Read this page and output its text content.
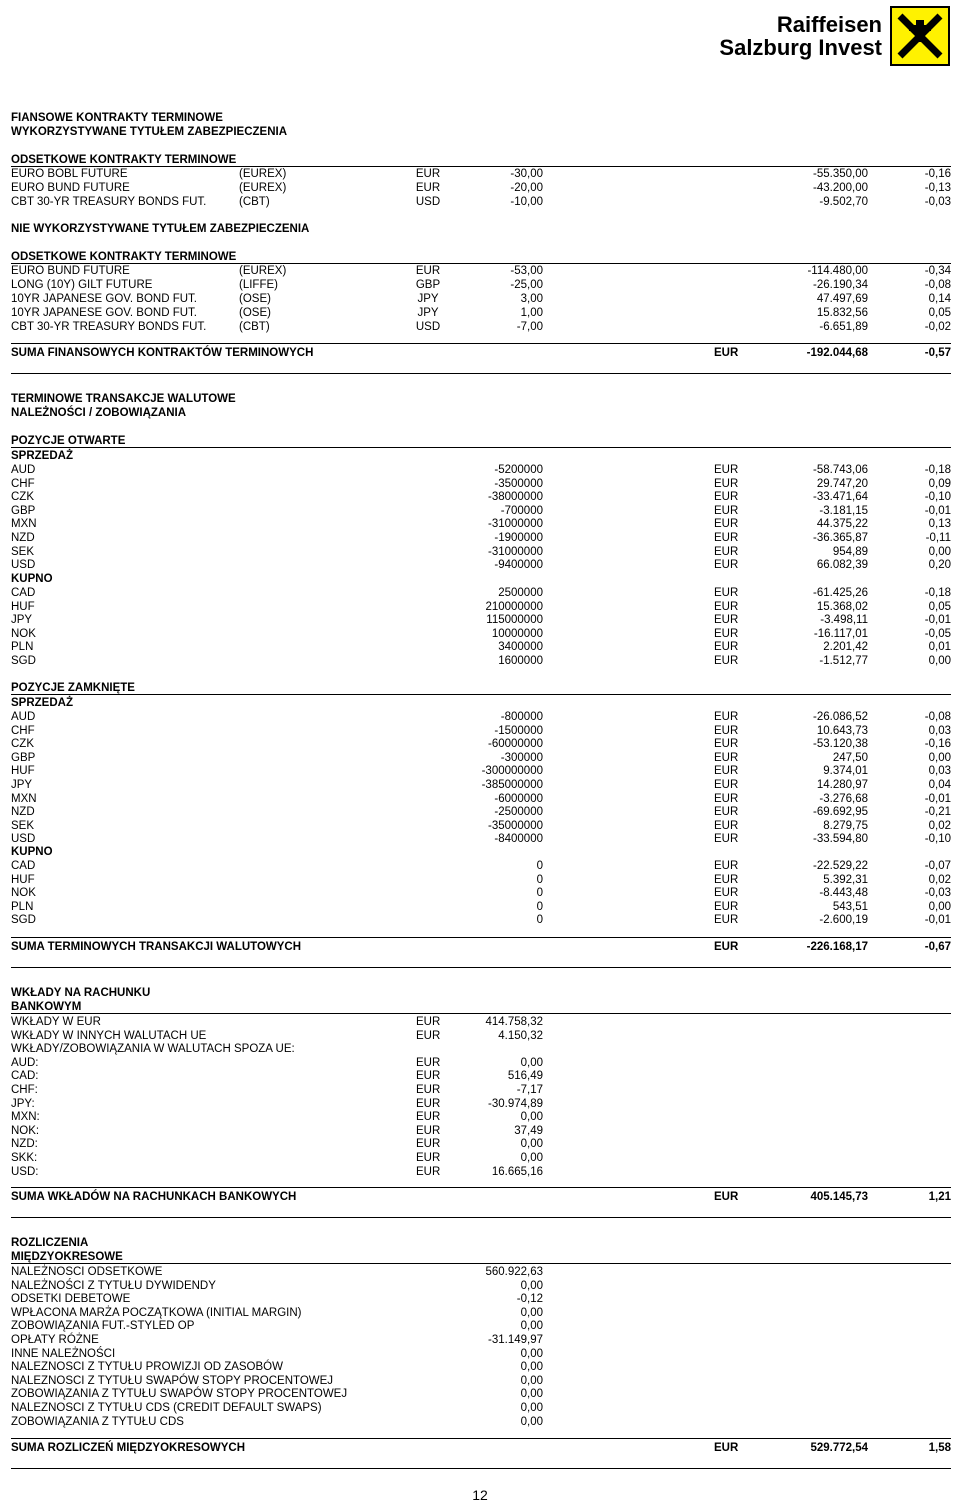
Raiffeisen
Salzburg Invest
FIANSOWE KONTRAKTY TERMINOWE
WYKORZYSTYWANE TYTUŁEM ZABEZPIECZENIA
ODSETKOWE KONTRAKTY TERMINOWE
EURO BOBL FUTURE	(EUREX)	EUR	-30,00	-55.350,00	-0,16
EURO BUND FUTURE	(EUREX)	EUR	-20,00	-43.200,00	-0,13
CBT 30-YR TREASURY BONDS FUT.	(CBT)	USD	-10,00	-9.502,70	-0,03
NIE WYKORZYSTYWANE TYTUŁEM ZABEZPIECZENIA
ODSETKOWE KONTRAKTY TERMINOWE
EURO BUND FUTURE	(EUREX)	EUR	-53,00	-114.480,00	-0,34
LONG (10Y) GILT FUTURE	(LIFFE)	GBP	-25,00	-26.190,34	-0,08
10YR JAPANESE GOV. BOND FUT.	(OSE)	JPY	3,00	47.497,69	0,14
10YR JAPANESE GOV. BOND FUT.	(OSE)	JPY	1,00	15.832,56	0,05
CBT 30-YR TREASURY BONDS FUT.	(CBT)	USD	-7,00	-6.651,89	-0,02
SUMA FINANSOWYCH KONTRAKTÓW TERMINOWYCH	EUR	-192.044,68	-0,57
TERMINOWE TRANSAKCJE WALUTOWE
NALEŻNOŚCI / ZOBOWIĄZANIA
POZYCJE OTWARTE
SPRZEDAŻ
AUD	-5200000	EUR	-58.743,06	-0,18
CHF	-3500000	EUR	29.747,20	0,09
CZK	-38000000	EUR	-33.471,64	-0,10
GBP	-700000	EUR	-3.181,15	-0,01
MXN	-31000000	EUR	44.375,22	0,13
NZD	-1900000	EUR	-36.365,87	-0,11
SEK	-31000000	EUR	954,89	0,00
USD	-9400000	EUR	66.082,39	0,20
KUPNO
CAD	2500000	EUR	-61.425,26	-0,18
HUF	210000000	EUR	15.368,02	0,05
JPY	115000000	EUR	-3.498,11	-0,01
NOK	10000000	EUR	-16.117,01	-0,05
PLN	3400000	EUR	2.201,42	0,01
SGD	1600000	EUR	-1.512,77	0,00
POZYCJE ZAMKNIĘTE
SPRZEDAŻ
AUD	-800000	EUR	-26.086,52	-0,08
CHF	-1500000	EUR	10.643,73	0,03
CZK	-60000000	EUR	-53.120,38	-0,16
GBP	-300000	EUR	247,50	0,00
HUF	-300000000	EUR	9.374,01	0,03
JPY	-385000000	EUR	14.280,97	0,04
MXN	-6000000	EUR	-3.276,68	-0,01
NZD	-2500000	EUR	-69.692,95	-0,21
SEK	-35000000	EUR	8.279,75	0,02
USD	-8400000	EUR	-33.594,80	-0,10
KUPNO
CAD	0	EUR	-22.529,22	-0,07
HUF	0	EUR	5.392,31	0,02
NOK	0	EUR	-8.443,48	-0,03
PLN	0	EUR	543,51	0,00
SGD	0	EUR	-2.600,19	-0,01
SUMA TERMINOWYCH TRANSAKCJI WALUTOWYCH	EUR	-226.168,17	-0,67
WKŁADY NA RACHUNKU
BANKOWYM
WKŁADY W EUR	EUR	414.758,32
WKŁADY W INNYCH WALUTACH UE	EUR	4.150,32
WKŁADY/ZOBOWIĄZANIA W WALUTACH SPOZA UE:
AUD:	EUR	0,00
CAD:	EUR	516,49
CHF:	EUR	-7,17
JPY:	EUR	-30.974,89
MXN:	EUR	0,00
NOK:	EUR	37,49
NZD:	EUR	0,00
SKK:	EUR	0,00
USD:	EUR	16.665,16
SUMA WKŁADÓW NA RACHUNKACH BANKOWYCH	EUR	405.145,73	1,21
ROZLICZENIA
MIĘDZYOKRESOWE
NALEŻNOSCI ODSETKOWE	560.922,63
NALEŻNOŚCI Z TYTUŁU DYWIDENDY	0,00
ODSETKI DEBETOWE	-0,12
WPŁACONA MARŻA POCZĄTKOWA (INITIAL MARGIN)	0,00
ZOBOWIĄZANIA FUT.-STYLED OP	0,00
OPŁATY RÓŻNE	-31.149,97
INNE NALEŻNOŚCI	0,00
NALEZNOSCI Z TYTUŁU PROWIZJI OD ZASOBÓW	0,00
NALEZNOSCI Z TYTUŁU SWAPÓW STOPY PROCENTOWEJ	0,00
ZOBOWIĄZANIA Z TYTUŁU SWAPÓW STOPY PROCENTOWEJ	0,00
NALEZNOSCI Z TYTUŁU CDS (CREDIT DEFAULT SWAPS)	0,00
ZOBOWIĄZANIA Z TYTUŁU CDS	0,00
SUMA ROZLICZEŃ MIĘDZYOKRESOWYCH	EUR	529.772,54	1,58
12
